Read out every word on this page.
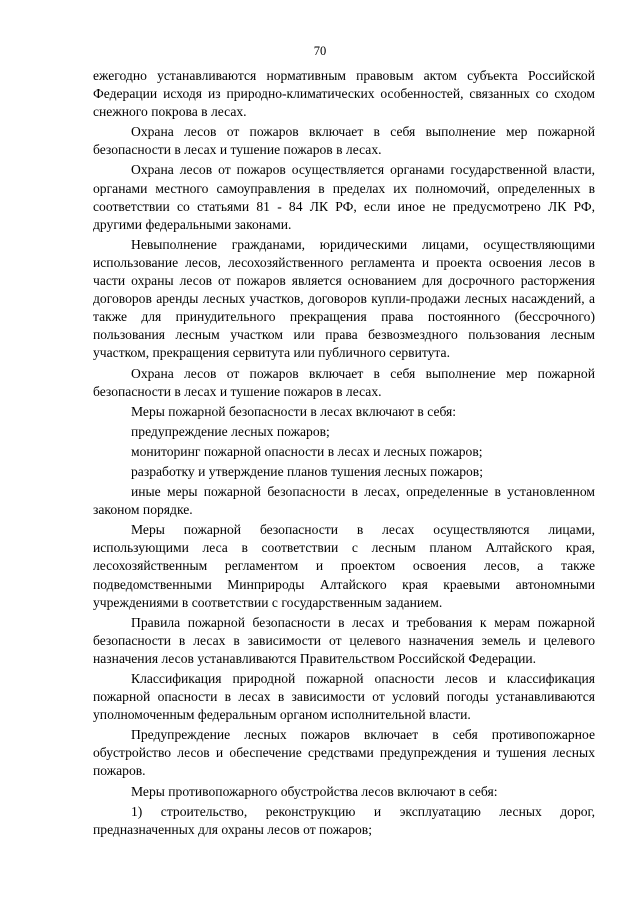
70

ежегодно устанавливаются нормативным правовым актом субъекта Российской Федерации исходя из природно-климатических особенностей, связанных со сходом снежного покрова в лесах.

Охрана лесов от пожаров включает в себя выполнение мер пожарной безопасности в лесах и тушение пожаров в лесах.

Охрана лесов от пожаров осуществляется органами государственной власти, органами местного самоуправления в пределах их полномочий, определенных в соответствии со статьями 81 - 84 ЛК РФ, если иное не предусмотрено ЛК РФ, другими федеральными законами.

Невыполнение гражданами, юридическими лицами, осуществляющими использование лесов, лесохозяйственного регламента и проекта освоения лесов в части охраны лесов от пожаров является основанием для досрочного расторжения договоров аренды лесных участков, договоров купли-продажи лесных насаждений, а также для принудительного прекращения права постоянного (бессрочного) пользования лесным участком или права безвозмездного пользования лесным участком, прекращения сервитута или публичного сервитута.

Охрана лесов от пожаров включает в себя выполнение мер пожарной безопасности в лесах и тушение пожаров в лесах.

Меры пожарной безопасности в лесах включают в себя:

предупреждение лесных пожаров;

мониторинг пожарной опасности в лесах и лесных пожаров;

разработку и утверждение планов тушения лесных пожаров;

иные меры пожарной безопасности в лесах, определенные в установленном законом порядке.

Меры пожарной безопасности в лесах осуществляются лицами, использующими леса в соответствии с лесным планом Алтайского края, лесохозяйственным регламентом и проектом освоения лесов, а также подведомственными Минприроды Алтайского края краевыми автономными учреждениями в соответствии с государственным заданием.

Правила пожарной безопасности в лесах и требования к мерам пожарной безопасности в лесах в зависимости от целевого назначения земель и целевого назначения лесов устанавливаются Правительством Российской Федерации.

Классификация природной пожарной опасности лесов и классификация пожарной опасности в лесах в зависимости от условий погоды устанавливаются уполномоченным федеральным органом исполнительной власти.

Предупреждение лесных пожаров включает в себя противопожарное обустройство лесов и обеспечение средствами предупреждения и тушения лесных пожаров.

Меры противопожарного обустройства лесов включают в себя:

1) строительство, реконструкцию и эксплуатацию лесных дорог, предназначенных для охраны лесов от пожаров;
